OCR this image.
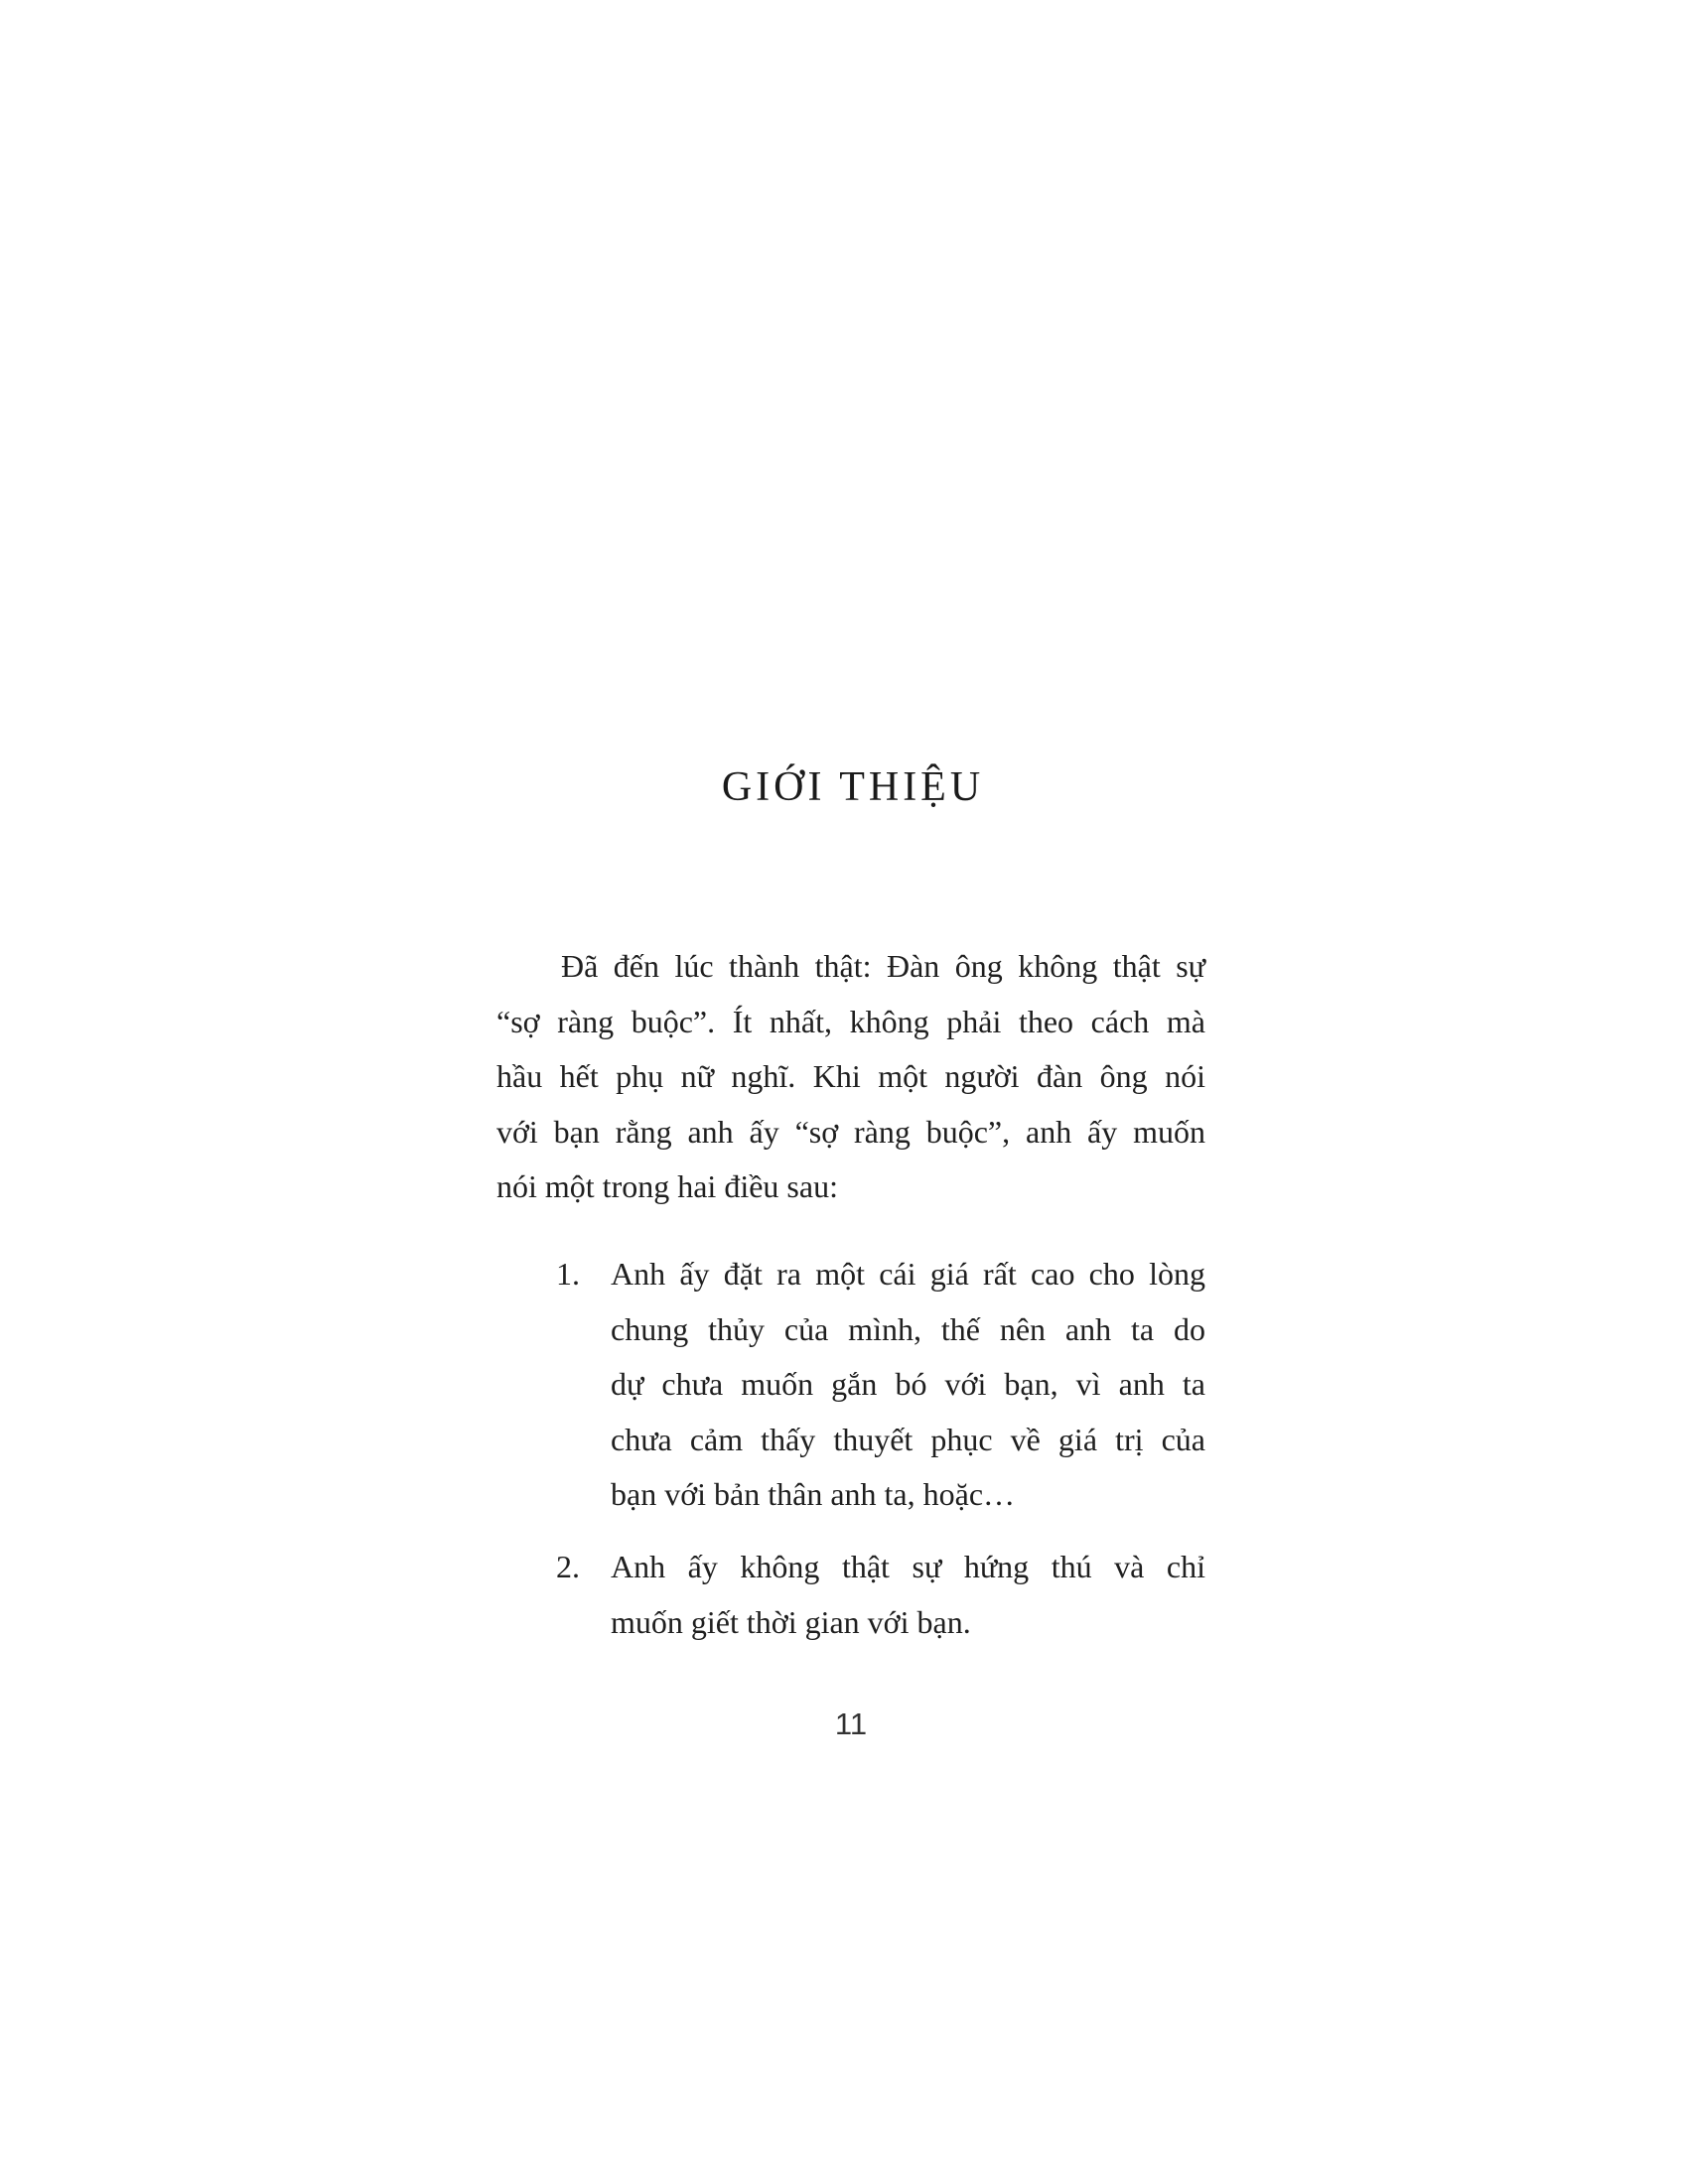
GIỚI THIỆU
Đã đến lúc thành thật: Đàn ông không thật sự
“sợ ràng buộc”. Ít nhất, không phải theo cách mà
hầu hết phụ nữ nghĩ. Khi một người đàn ông nói
với bạn rằng anh ấy “sợ ràng buộc”, anh ấy muốn
nói một trong hai điều sau:
1. Anh ấy đặt ra một cái giá rất cao cho lòng
chung thủy của mình, thế nên anh ta do
dự chưa muốn gắn bó với bạn, vì anh ta
chưa cảm thấy thuyết phục về giá trị của
bạn với bản thân anh ta, hoặc…
2. Anh ấy không thật sự hứng thú và chỉ
muốn giết thời gian với bạn.
11
